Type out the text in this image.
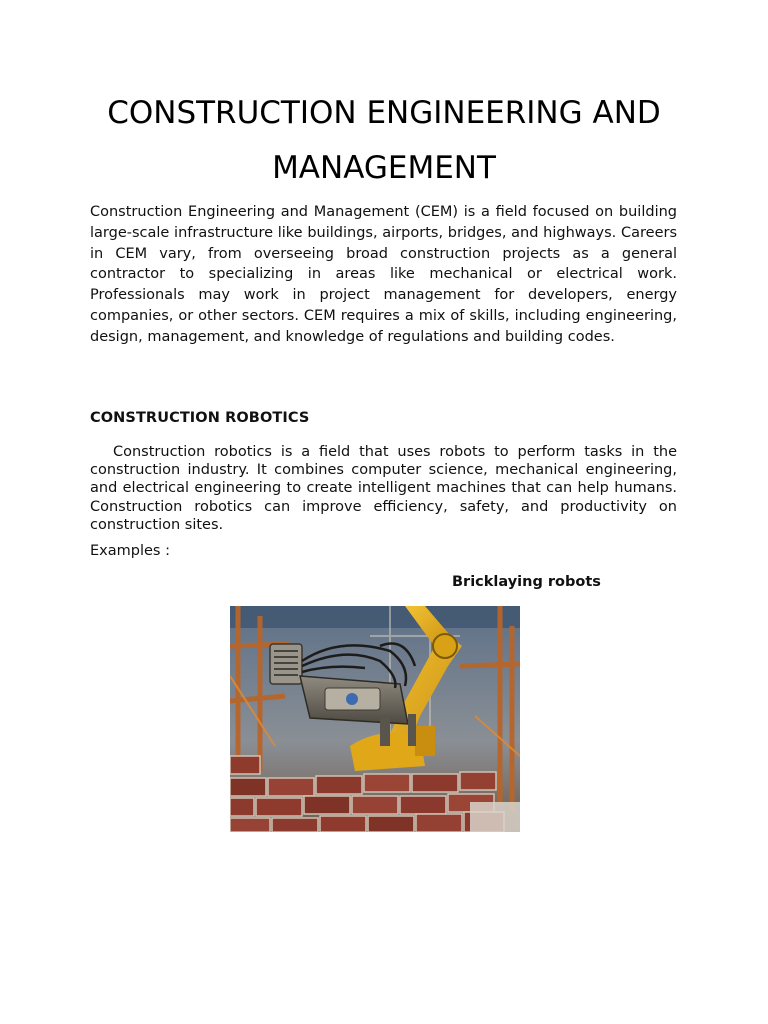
CONSTRUCTION ENGINEERING AND MANAGEMENT

Construction Engineering and Management (CEM) is a field focused on building large-scale infrastructure like buildings, airports, bridges, and highways. Careers in CEM vary, from overseeing broad construction projects as a general contractor to specializing in areas like mechanical or electrical work. Professionals may work in project management for developers, energy companies, or other sectors. CEM requires a mix of skills, including engineering, design, management, and knowledge of regulations and building codes.

CONSTRUCTION ROBOTICS

Construction robotics is a field that uses robots to perform tasks in the construction industry. It combines computer science, mechanical engineering, and electrical engineering to create intelligent machines that can help humans. Construction robotics can improve efficiency, safety, and productivity on construction sites.

Examples :

Bricklaying robots
